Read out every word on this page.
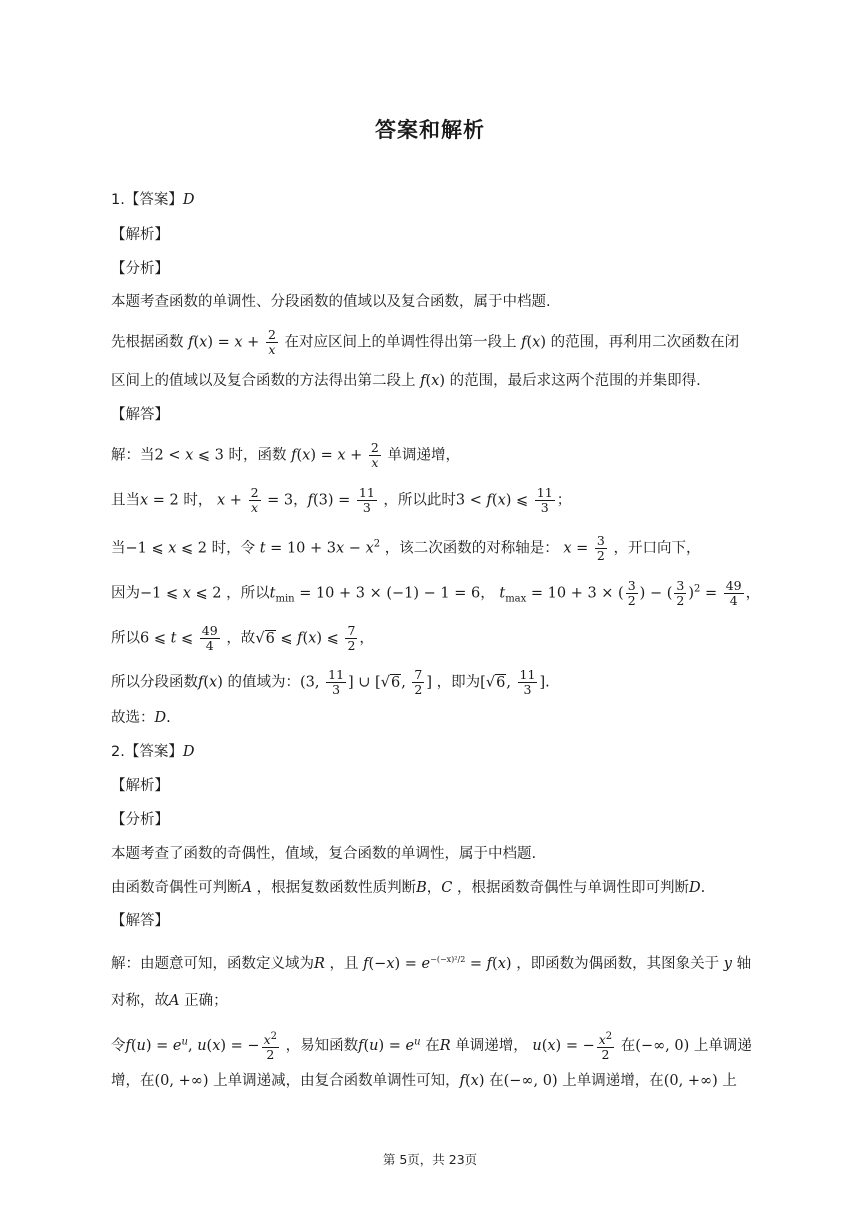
答案和解析
1.【答案】D
【解析】
【分析】
本题考查函数的单调性、分段函数的值域以及复合函数，属于中档题.
先根据函数 $f(x) = x + \frac{2}{x}$ 在对应区间上的单调性得出第一段上 f(x) 的范围，再利用二次函数在闭
区间上的值域以及复合函数的方法得出第二段上 f(x) 的范围，最后求这两个范围的并集即得.
【解答】
解：当2 < x ⩽ 3 时，函数 $f(x) = x + \frac{2}{x}$ 单调递增，
且当x = 2 时， $x + \frac{2}{x} = 3$，$f(3) = \frac{11}{3}$ ，所以此时3 < f(x) ⩽ $\frac{11}{3}$ ；
当−1 ⩽ x ⩽ 2 时，令 $t = 10 + 3x - x^2$ ，该二次函数的对称轴是： $x = \frac{3}{2}$ ，开口向下，
因为−1 ⩽ x ⩽ 2 ，所以$t_{min} = 10 + 3 \times (-1) - 1 = 6$， $t_{max} = 10 + 3$ × ( $\frac{3}{2}$ ) − ( $\frac{3}{2} )^2 = \frac{49}{4}$ ，
所以6 ⩽ t ⩽ $\frac{49}{4}$ ，故√6 ⩽ f(x) ⩽ $\frac{7}{2}$ ，
所以分段函数f(x) 的值域为：(3, $\frac{11}{3}$ ] ∪ [√6, $\frac{7}{2}$ ] ，即为[√6, $\frac{11}{3}$ ].
故选：D.
2.【答案】D
【解析】
【分析】
本题考查了函数的奇偶性，值域，复合函数的单调性，属于中档题.
由函数奇偶性可判断A ，根据复数函数性质判断B，C ，根据函数奇偶性与单调性即可判断D.
【解答】
解：由题意可知，函数定义域为R ，且 $f(-x) = e^{-(-x)^2/2} = f(x)$ ，即函数为偶函数，其图象关于 y 轴
对称，故A 正确；
令$f(u) = e^u$, u(x) = − $\frac{x^2}{2}$ ，易知函数$f(u) = e^u$ 在R 单调递增， u(x) = − $\frac{x^2}{2}$ 在(−∞, 0) 上单调递
增，在(0, +∞) 上单调递减，由复合函数单调性可知，f(x) 在(−∞, 0) 上单调递增，在(0, +∞) 上
第 5页，共 23页
